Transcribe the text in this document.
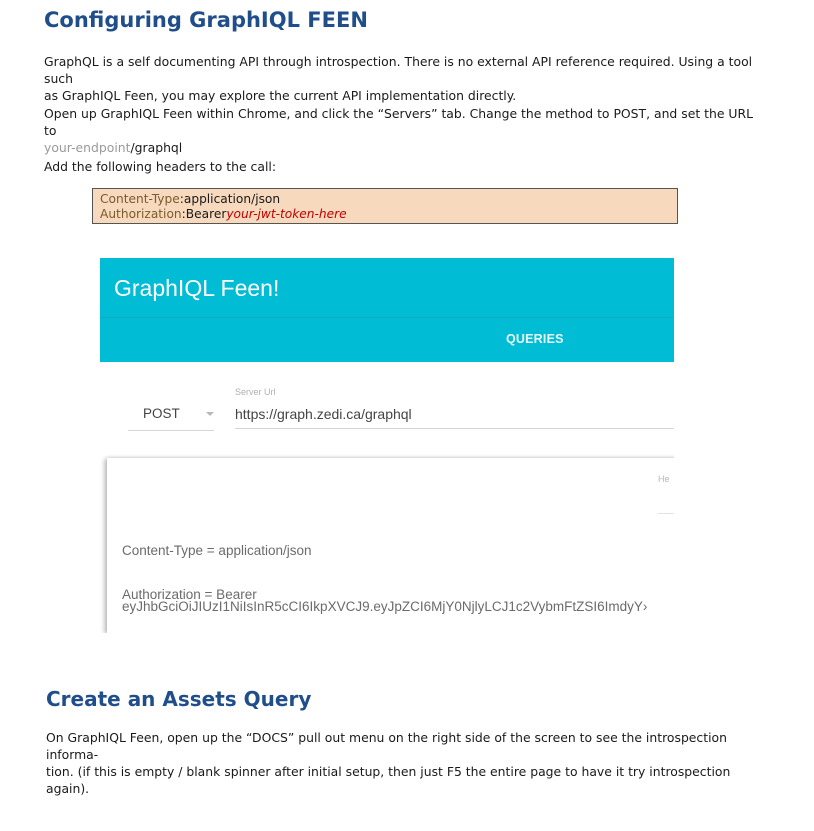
Configuring GraphIQL FEEN

GraphQL is a self documenting API through introspection. There is no external API reference required. Using a tool such
as GraphIQL Feen, you may explore the current API implementation directly.

Open up GraphIQL Feen within Chrome, and click the “Servers” tab. Change the method to POST, and set the URL to
your-endpoint/graphql

Add the following headers to the call:

Content-Type:application/json
Authorization:Beareryour-jwt-token-here
GraphIQL Feen!
QUERIES
POST
Server Url
https://graph.zedi.ca/graphql
He
Content-Type = application/json
Authorization = Bearer
eyJhbGciOiJIUzI1NiIsInR5cCI6IkpXVCJ9.eyJpZCI6MjY0NjlyLCJ1c2VybmFtZSI6ImdyY›
Create an Assets Query

On GraphIQL Feen, open up the “DOCS” pull out menu on the right side of the screen to see the introspection informa-
tion. (if this is empty / blank spinner after initial setup, then just F5 the entire page to have it try introspection again).
